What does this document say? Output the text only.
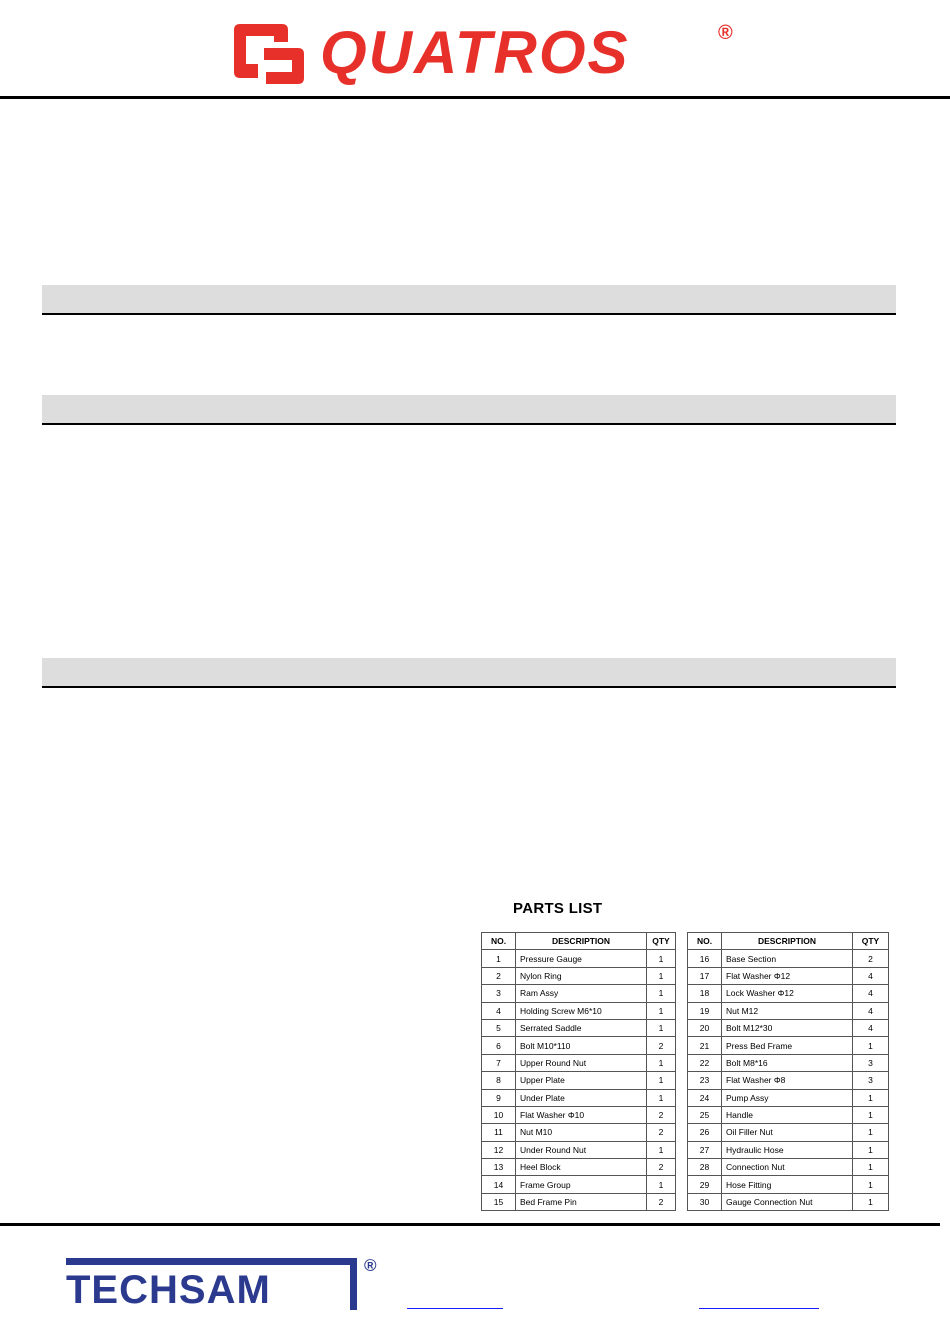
QUATROS	®
PARTS LIST
NO.	DESCRIPTION	QTY
1	Pressure Gauge	1
2	Nylon Ring	1
3	Ram Assy	1
4	Holding Screw M6*10	1
5	Serrated Saddle	1
6	Bolt M10*110	2
7	Upper Round Nut	1
8	Upper Plate	1
9	Under Plate	1
10	Flat Washer Φ10	2
11	Nut M10	2
12	Under Round Nut	1
13	Heel Block	2
14	Frame Group	1
15	Bed Frame Pin	2
NO.	DESCRIPTION	QTY
16	Base Section	2
17	Flat Washer Φ12	4
18	Lock Washer Φ12	4
19	Nut M12	4
20	Bolt M12*30	4
21	Press Bed Frame	1
22	Bolt M8*16	3
23	Flat Washer Φ8	3
24	Pump Assy	1
25	Handle	1
26	Oil Filler Nut	1
27	Hydraulic Hose	1
28	Connection Nut	1
29	Hose Fitting	1
30	Gauge Connection Nut	1
TECHSAM
®
